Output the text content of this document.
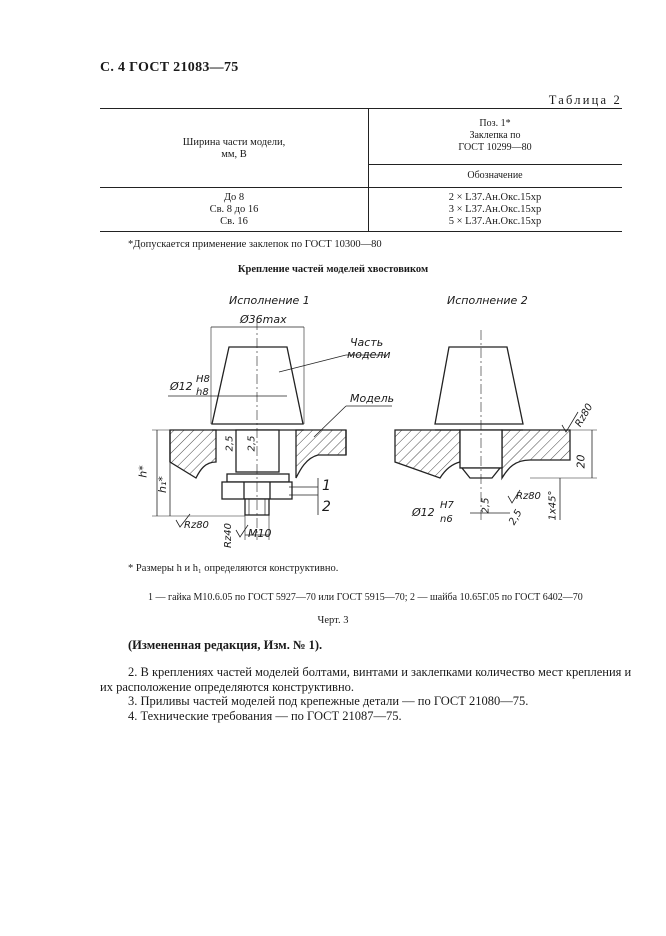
С. 4 ГОСТ 21083—75
Таблица 2
Ширина части модели,
мм, B
Поз. 1*
Заклепка по
ГОСТ 10299—80
Обозначение
До 8
Св. 8 до 16
Св. 16
2 × L37.Ан.Окс.15хр
3 × L37.Ан.Окс.15хр
5 × L37.Ан.Окс.15хр
*Допускается применение заклепок по ГОСТ 10300—80
Крепление частей моделей хвостовиком
Исполнение 1	Исполнение 2
Ø36max
Часть
модели
Ø12
H8
h8	Модель
2,5 2,5
h*
h₁*
Rz80 Rz40 M10
1
2
Rz80
20
Ø12
H7
n6
2,5
2,5
Rz80 1x45°
* Размеры h и h₁ определяются конструктивно.
1 — гайка М10.6.05 по ГОСТ 5927—70 или ГОСТ 5915—70; 2 — шайба 10.65Г.05 по ГОСТ 6402—70
Черт. 3
(Измененная редакция, Изм. № 1).
2. В креплениях частей моделей болтами, винтами и заклепками количество мест крепления и
их расположение определяются конструктивно.
3. Приливы частей моделей под крепежные детали — по ГОСТ 21080—75.
4. Технические требования — по ГОСТ 21087—75.
